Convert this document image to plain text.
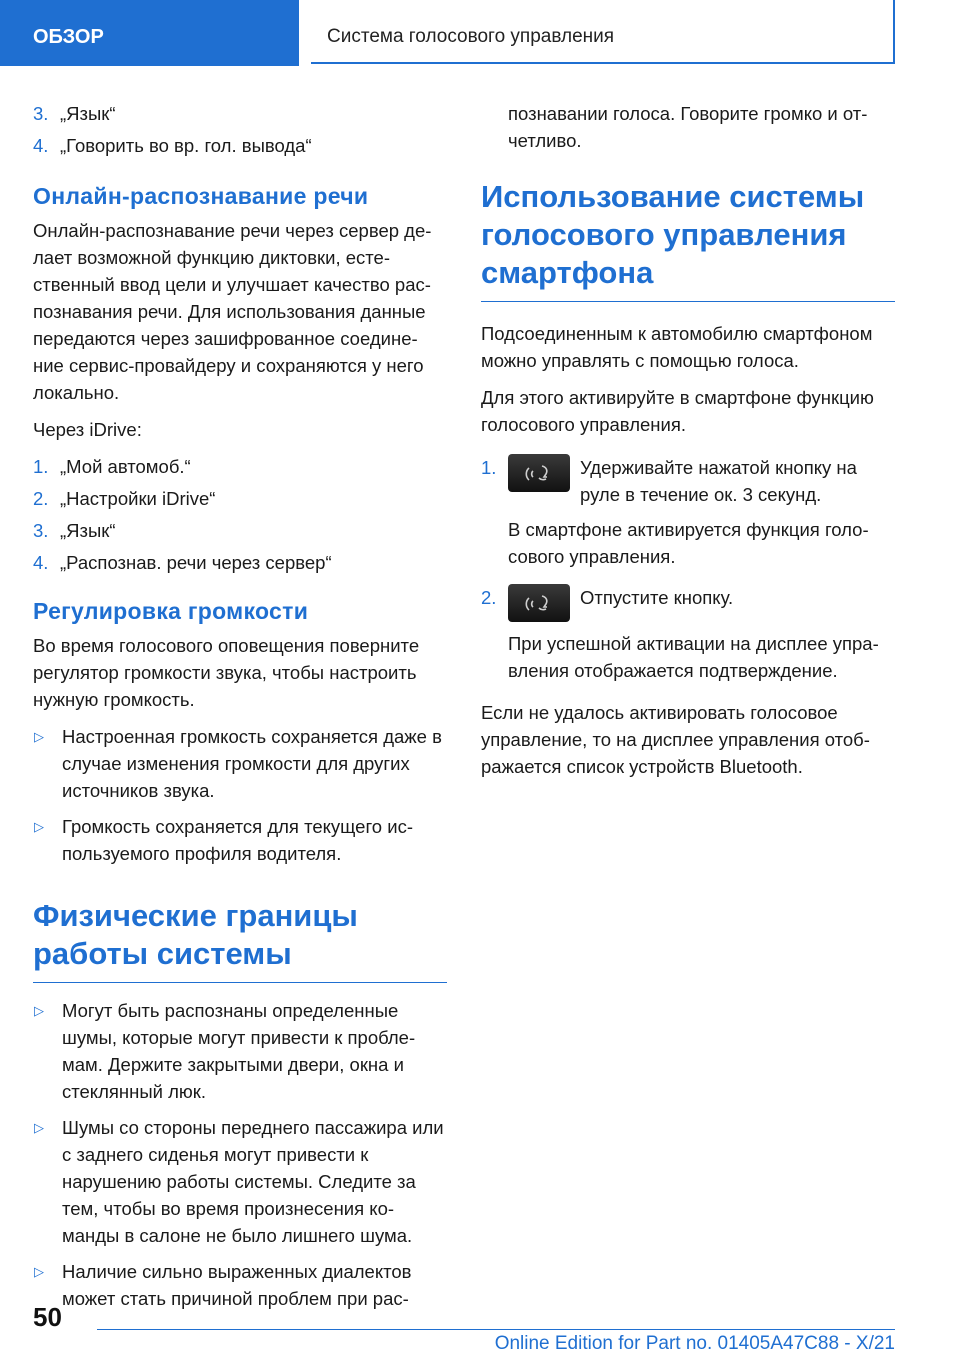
ОБЗОР	Система голосового управления
3. „Язык“
4. „Говорить во вр. гол. вывода“
Онлайн-распознавание речи

Онлайн-распознавание речи через сервер де-лает возможной функцию диктовки, есте-ственный ввод цели и улучшает качество рас-познавания речи. Для использования данные передаются через зашифрованное соедине-ние сервис-провайдеру и сохраняются у него локально.

Через iDrive:

1. „Мой автомоб.“
2. „Настройки iDrive“
3. „Язык“
4. „Распознав. речи через сервер“
Регулировка громкости

Во время голосового оповещения поверните регулятор громкости звука, чтобы настроить нужную громкость.

▷ Настроенная громкость сохраняется даже в случае изменения громкости для других источников звука.
▷ Громкость сохраняется для текущего ис-пользуемого профиля водителя.
Физические границы работы системы
▷ Могут быть распознаны определенные шумы, которые могут привести к пробле-мам. Держите закрытыми двери, окна и стеклянный люк.
▷ Шумы со стороны переднего пассажира или с заднего сиденья могут привести к нарушению работы системы. Следите за тем, чтобы во время произнесения ко-манды в салоне не было лишнего шума.
▷ Наличие сильно выраженных диалектов может стать причиной проблем при рас-

познавании голоса. Говорите громко и от-четливо.

Использование системы голосового управления смартфона

Подсоединенным к автомобилю смартфоном можно управлять с помощью голоса.

Для этого активируйте в смартфоне функцию голосового управления.

1.	Удерживайте нажатой кнопку на руле в течение ок. 3 секунд.

В смартфоне активируется функция голо-сового управления.

2.	Отпустите кнопку.

При успешной активации на дисплее упра-вления отображается подтверждение.

Если не удалось активировать голосовое управление, то на дисплее управления отоб-ражается список устройств Bluetooth.

50
Online Edition for Part no. 01405A47C88 - X/21
